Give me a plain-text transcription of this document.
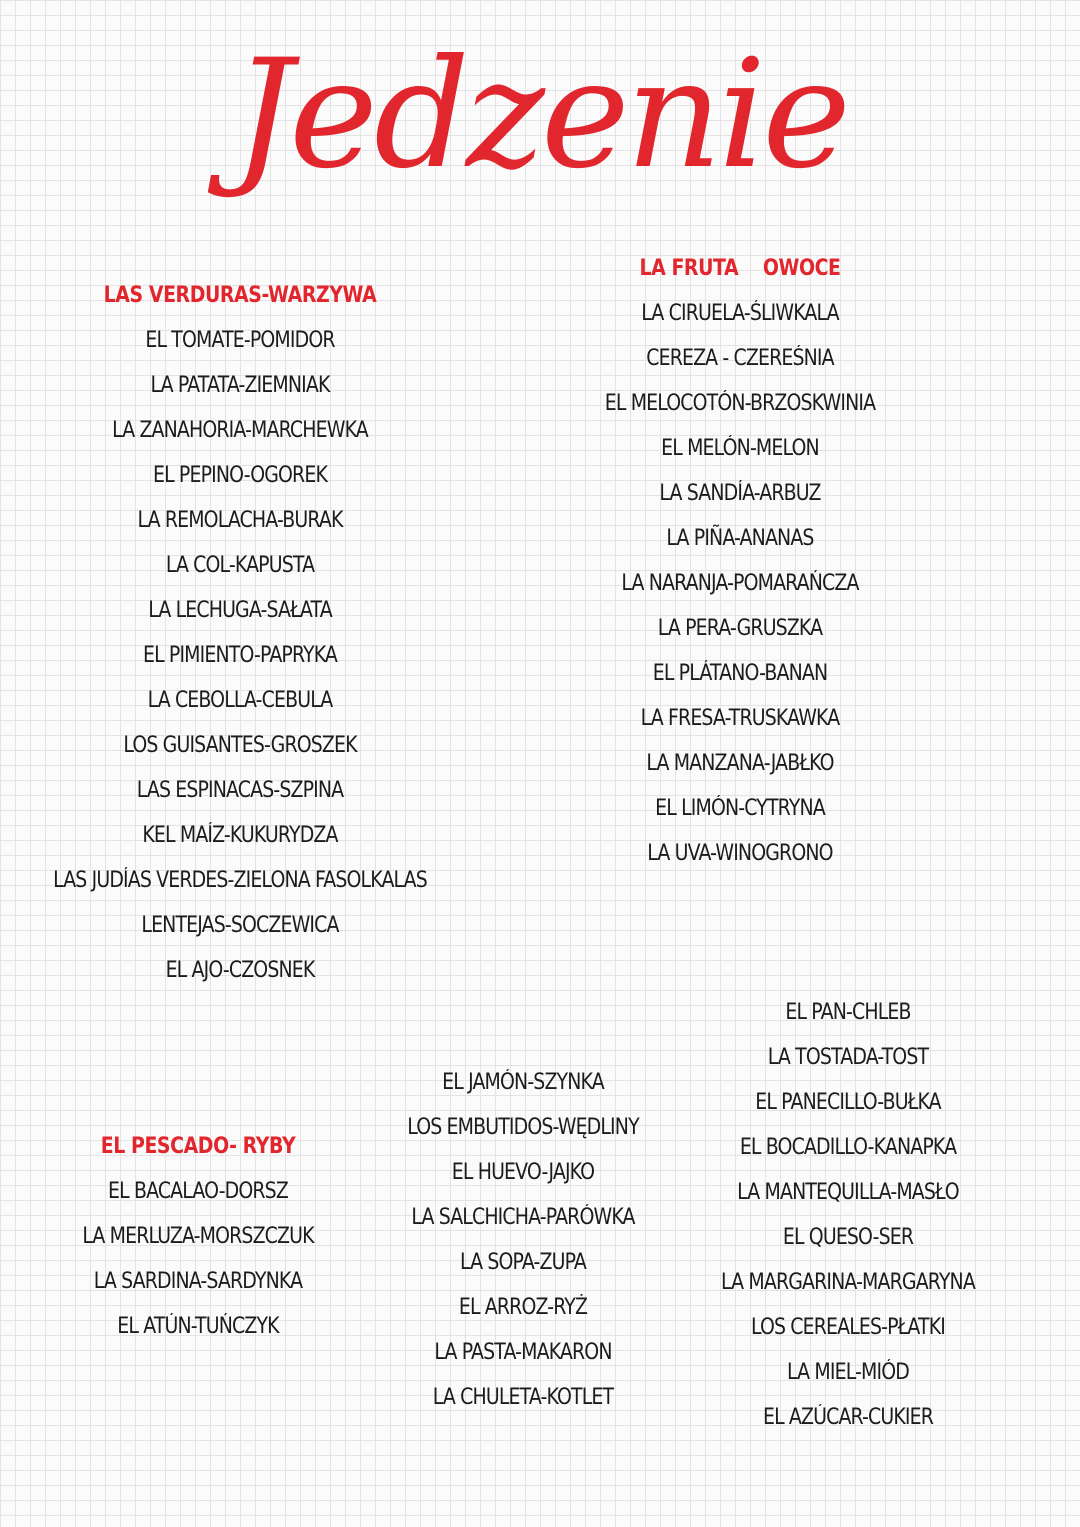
Jedzenie
LAS VERDURAS-WARZYWA
EL TOMATE-POMIDOR
LA PATATA-ZIEMNIAK
LA ZANAHORIA-MARCHEWKA
EL PEPINO-OGOREK
LA REMOLACHA-BURAK
LA COL-KAPUSTA
LA LECHUGA-SAŁATA
EL PIMIENTO-PAPRYKA
LA CEBOLLA-CEBULA
LOS GUISANTES-GROSZEK
LAS ESPINACAS-SZPINA
KEL MAÍZ-KUKURYDZA
LAS JUDÍAS VERDES-ZIELONA FASOLKALAS
LENTEJAS-SOCZEWICA
EL AJO-CZOSNEK
LA FRUTA    OWOCE
LA CIRUELA-ŚLIWKALA
CEREZA - CZEREŚNIA
EL MELOCOTÓN-BRZOSKWINIA
EL MELÓN-MELON
LA SANDÍA-ARBUZ
LA PIÑA-ANANAS
LA NARANJA-POMARAŃCZA
LA PERA-GRUSZKA
EL PLÁTANO-BANAN
LA FRESA-TRUSKAWKA
LA MANZANA-JABŁKO
EL LIMÓN-CYTRYNA
LA UVA-WINOGRONO
EL PESCADO- RYBY
EL BACALAO-DORSZ
LA MERLUZA-MORSZCZUK
LA SARDINA-SARDYNKA
EL ATÚN-TUŃCZYK
EL JAMÓN-SZYNKA
LOS EMBUTIDOS-WĘDLINY
EL HUEVO-JAJKO
LA SALCHICHA-PARÓWKA
LA SOPA-ZUPA
EL ARROZ-RYŻ
LA PASTA-MAKARON
LA CHULETA-KOTLET
EL PAN-CHLEB
LA TOSTADA-TOST
EL PANECILLO-BUŁKA
EL BOCADILLO-KANAPKA
LA MANTEQUILLA-MASŁO
EL QUESO-SER
LA MARGARINA-MARGARYNA
LOS CEREALES-PŁATKI
LA MIEL-MIÓD
EL AZÚCAR-CUKIER
